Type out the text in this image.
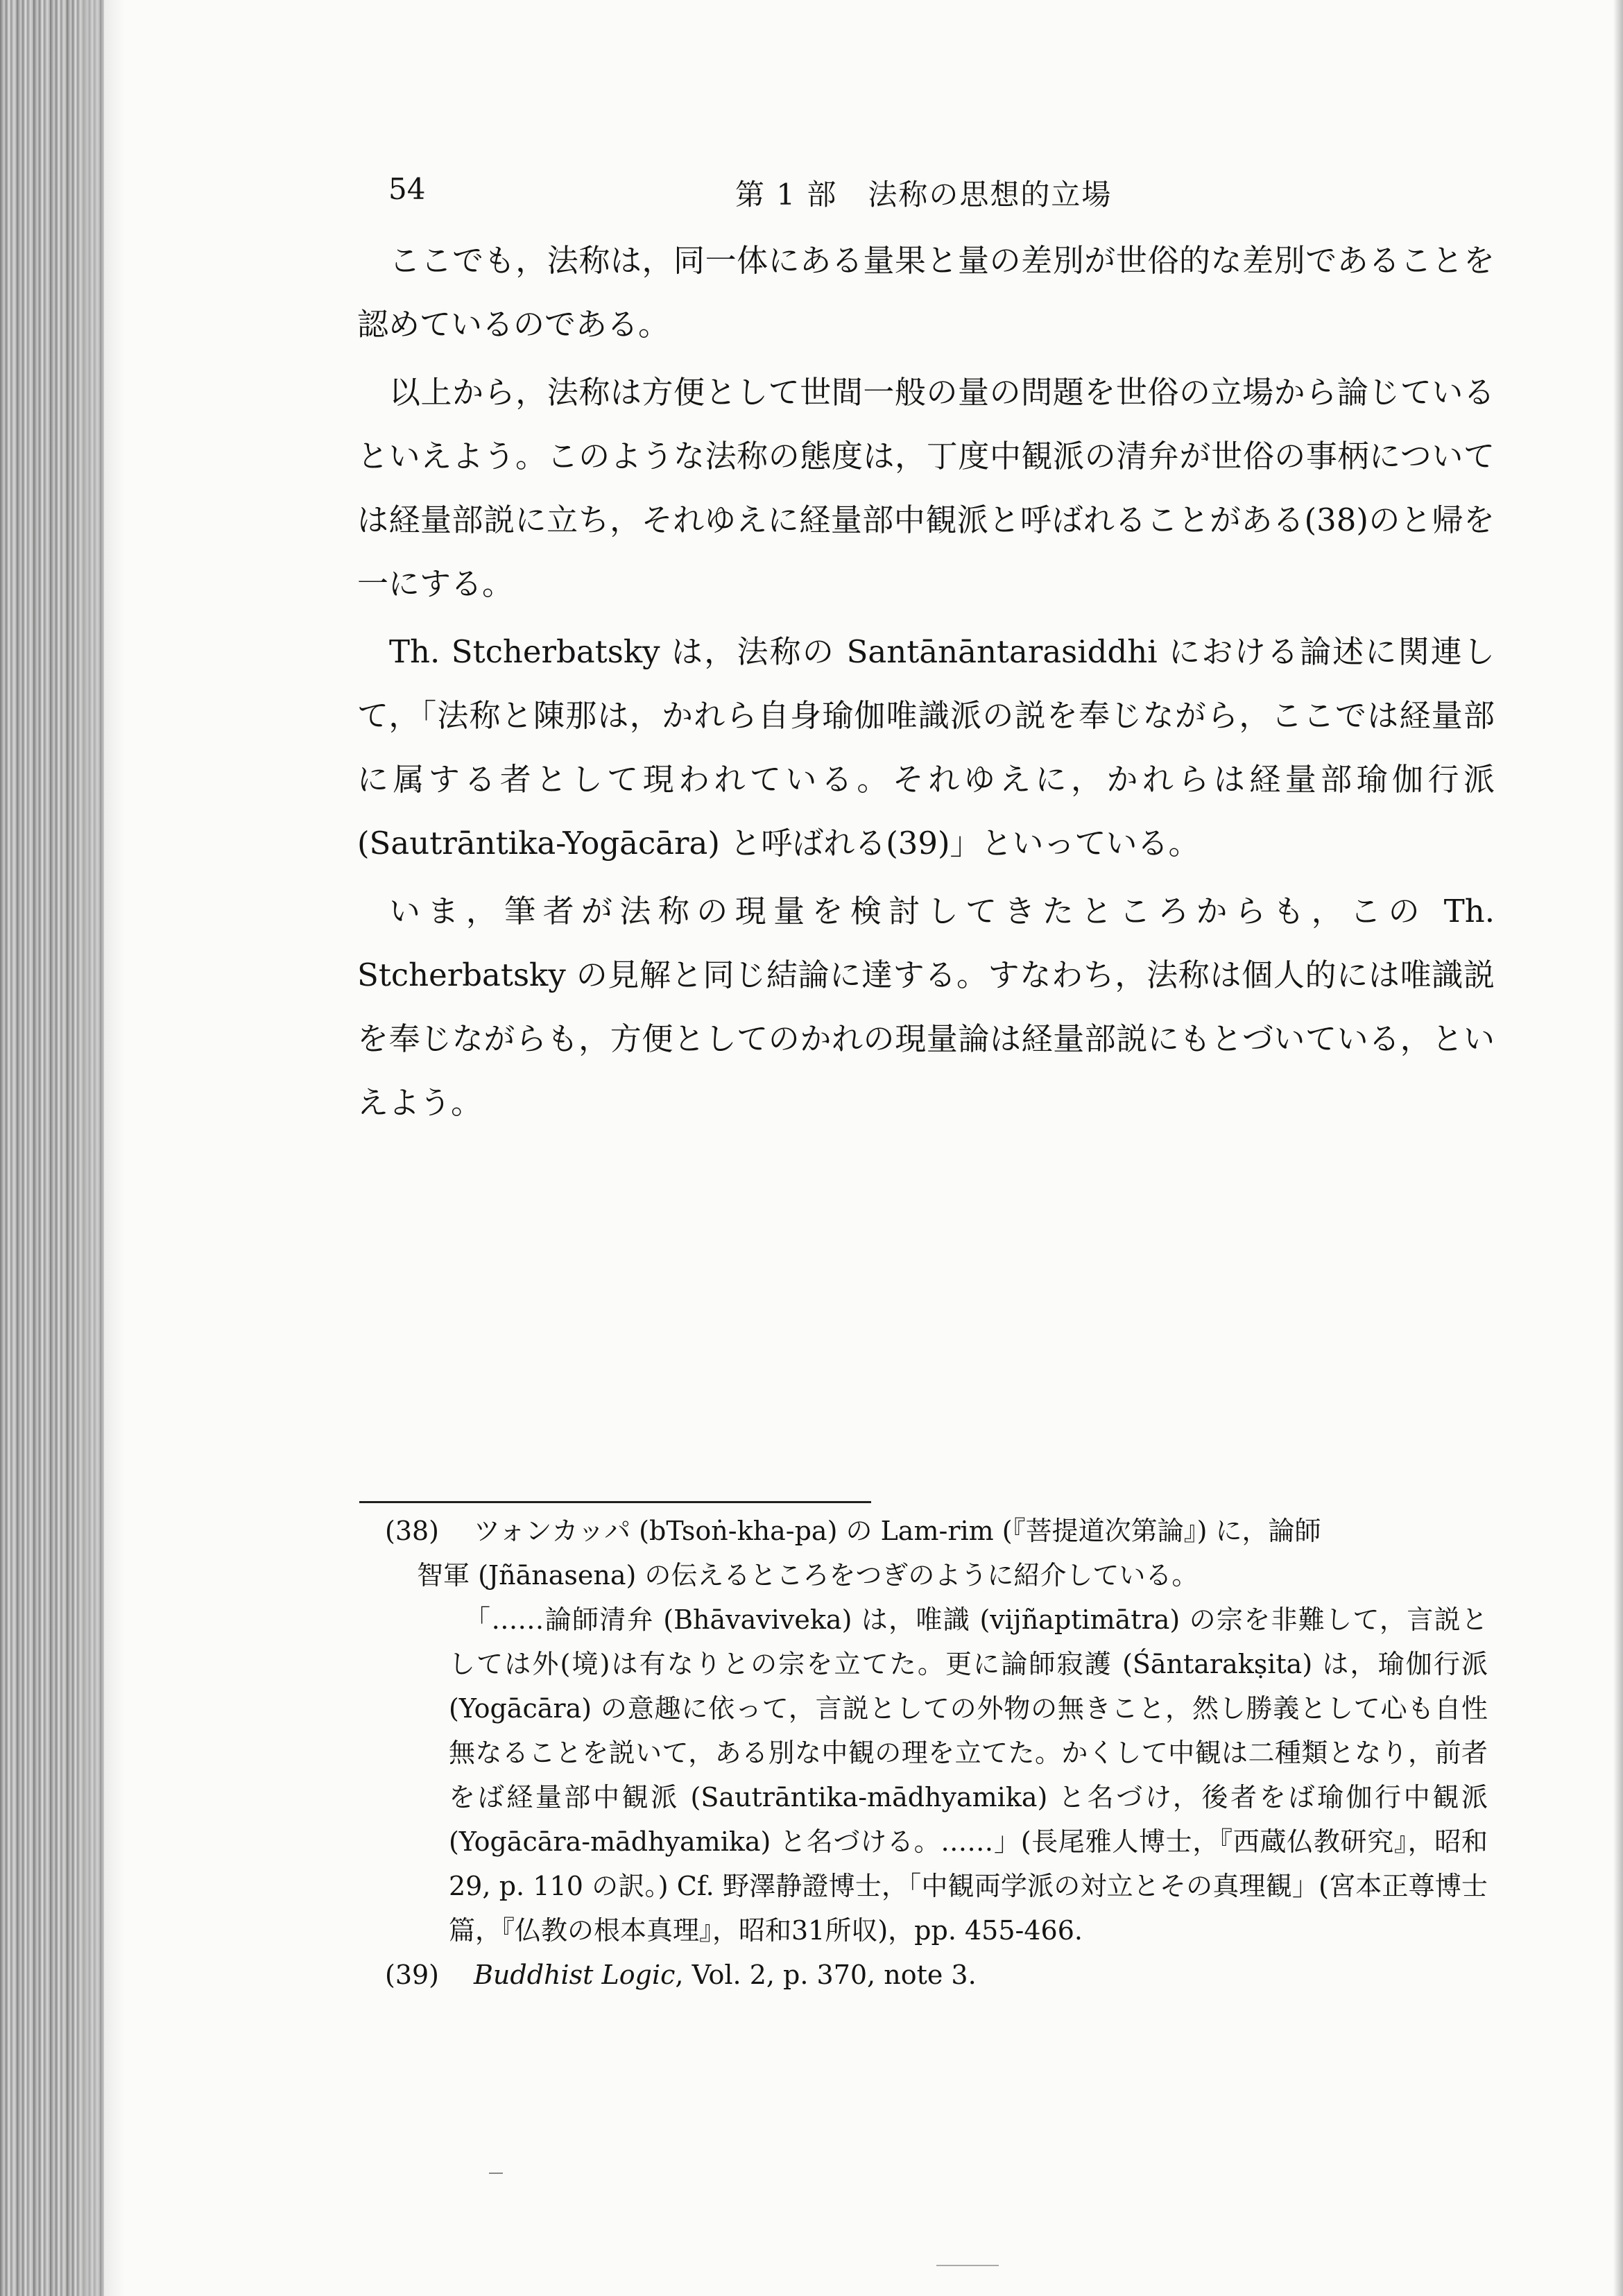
54	第 1 部　法称の思想的立場

ここでも，法称は，同一体にある量果と量の差別が世俗的な差別であることを認めているのである。

以上から，法称は方便として世間一般の量の問題を世俗の立場から論じているといえよう。このような法称の態度は，丁度中観派の清弁が世俗の事柄については経量部説に立ち，それゆえに経量部中観派と呼ばれることがある(38)のと帰を一にする。

Th. Stcherbatsky は，法称の Santānāntarasiddhi における論述に関連して，「法称と陳那は，かれら自身瑜伽唯識派の説を奉じながら，ここでは経量部に属する者として現われている。それゆえに，かれらは経量部瑜伽行派 (Sautrāntika-Yogācāra) と呼ばれる(39)」といっている。

いま，筆者が法称の現量を検討してきたところからも，この Th. Stcherbatsky の見解と同じ結論に達する。すなわち，法称は個人的には唯識説を奉じながらも，方便としてのかれの現量論は経量部説にもとづいている，といえよう。

(38)	ツォンカッパ (bTsoṅ-kha-pa) の Lam-rim (『菩提道次第論』) に，論師
智軍 (Jñānasena) の伝えるところをつぎのように紹介している。
「……論師清弁 (Bhāvaviveka) は，唯識 (vijñaptimātra) の宗を非難して，言説としては外(境)は有なりとの宗を立てた。更に論師寂護 (Śāntarakṣita) は，瑜伽行派 (Yogācāra) の意趣に依って，言説としての外物の無きこと，然し勝義として心も自性無なることを説いて，ある別な中観の理を立てた。かくして中観は二種類となり，前者をば経量部中観派 (Sautrāntika-mādhyamika) と名づけ，後者をば瑜伽行中観派 (Yogācāra-mādhyamika) と名づける。……」(長尾雅人博士，『西蔵仏教研究』，昭和29, p. 110 の訳。) Cf. 野澤静證博士，「中観両学派の対立とその真理観」(宮本正尊博士篇，『仏教の根本真理』，昭和31所収)，pp. 455-466.
(39)	Buddhist Logic, Vol. 2, p. 370, note 3.
